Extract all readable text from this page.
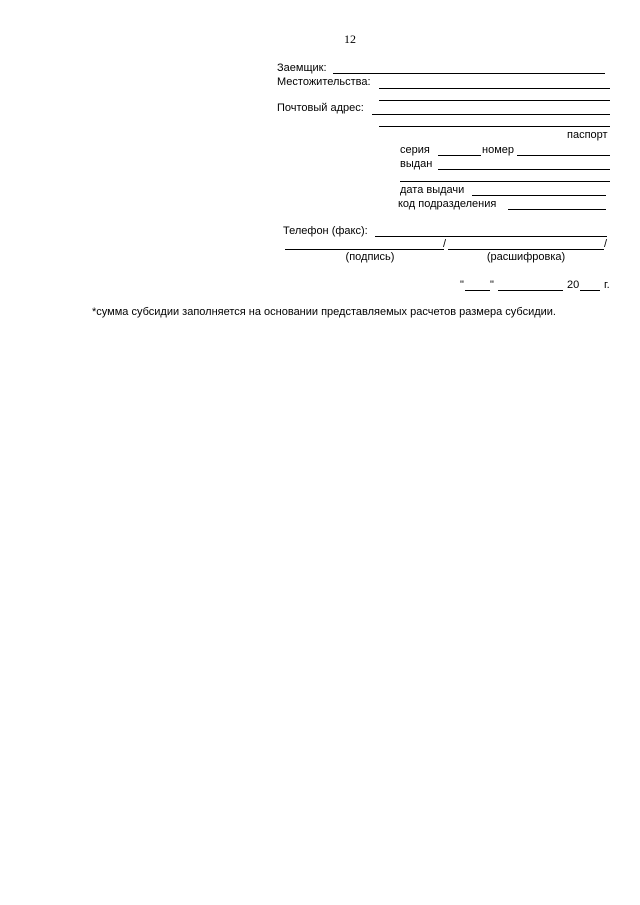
12
Заемщик:
Местожительства:
Почтовый адрес:
паспорт
серия	номер
выдан
дата выдачи
код подразделения
Телефон (факс):
/	/
(подпись)	(расшифровка)
" "	20 г.
*сумма субсидии заполняется на основании представляемых расчетов размера субсидии.
